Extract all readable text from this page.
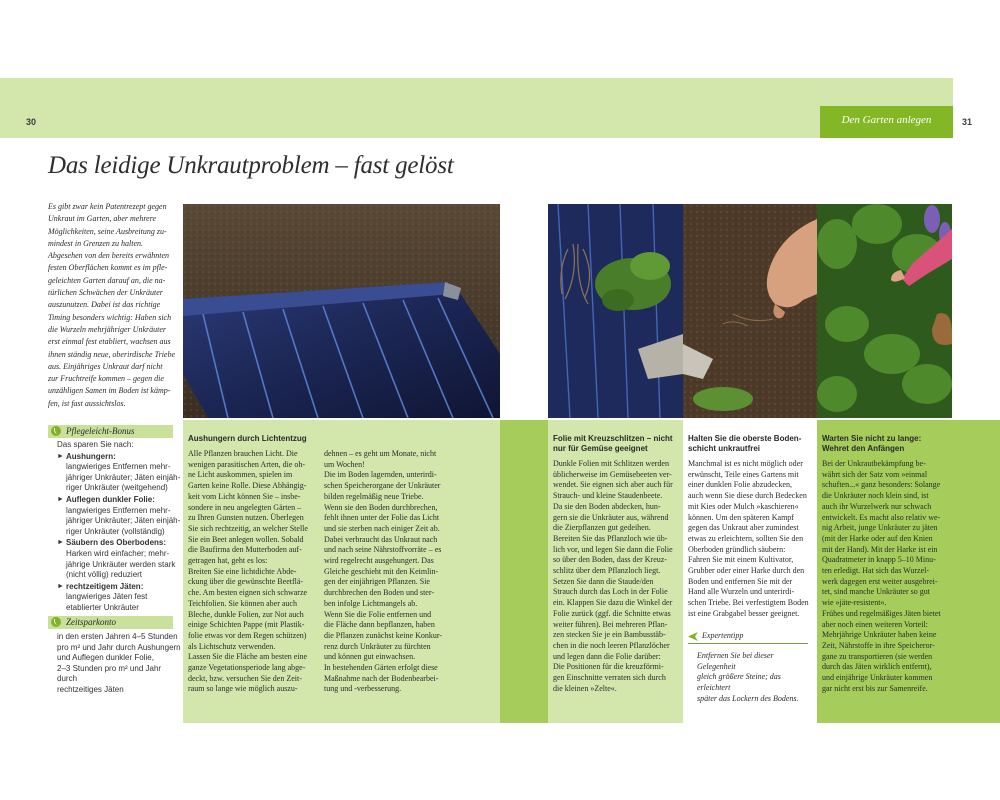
Den Garten anlegen
30	31
Das leidige Unkrautproblem – fast gelöst
Es gibt zwar kein Patentrezept gegen
Unkraut im Garten, aber mehrere
Möglichkeiten, seine Ausbreitung zu-
mindest in Grenzen zu halten.
Abgesehen von den bereits erwähnten
festen Oberflächen kommt es im pfle-
geleichten Garten darauf an, die na-
türlichen Schwächen der Unkräuter
auszunutzen. Dabei ist das richtige
Timing besonders wichtig: Haben sich
die Wurzeln mehrjähriger Unkräuter
erst einmal fest etabliert, wachsen aus
ihnen ständig neue, oberirdische Triebe
aus. Einjähriges Unkraut darf nicht
zur Fruchtreife kommen – gegen die
unzähligen Samen im Boden ist kämp-
fen, ist fast aussichtslos.
Pflegeleicht-Bonus
Das sparen Sie nach:
► Aushungern:
langwieriges Entfernen mehr-
jähriger Unkräuter; Jäten einjäh-
riger Unkräuter (weitgehend)
► Auflegen dunkler Folie:
langwieriges Entfernen mehr-
jähriger Unkräuter; Jäten einjäh-
riger Unkräuter (vollständig)
► Säubern des Oberbodens:
Harken wird einfacher; mehr-
jährige Unkräuter werden stark
(nicht völlig) reduziert
► rechtzeitigem Jäten:
langwieriges Jäten fest
etablierter Unkräuter
Zeitsparkonto
in den ersten Jahren 4–5 Stunden
pro m² und Jahr durch Aushungern
und Auflegen dunkler Folie,
2–3 Stunden pro m² und Jahr durch
rechtzeitiges Jäten
Aushungern durch Lichtentzug
Alle Pflanzen brauchen Licht. Die
wenigen parasitischen Arten, die oh-
ne Licht auskommen, spielen im
Garten keine Rolle. Diese Abhängig-
keit vom Licht können Sie – insbe-
sondere in neu angelegten Gärten –
zu Ihren Gunsten nutzen. Überlegen
Sie sich rechtzeitig, an welcher Stelle
Sie ein Beet anlegen wollen. Sobald
die Baufirma den Mutterboden auf-
getragen hat, geht es los:
Breiten Sie eine lichtdichte Abde-
ckung über die gewünschte Beetflä-
che. Am besten eignen sich schwarze
Teichfolien. Sie können aber auch
Bleche, dunkle Folien, zur Not auch
einige Schichten Pappe (mit Plastik-
folie etwas vor dem Regen schützen)
als Lichtschutz verwenden.
Lassen Sie die Fläche am besten eine
ganze Vegetationsperiode lang abge-
deckt, bzw. versuchen Sie den Zeit-
raum so lange wie möglich auszu-
dehnen – es geht um Monate, nicht
um Wochen!
Die im Boden lagernden, unterirdi-
schen Speicherorgane der Unkräuter
bilden regelmäßig neue Triebe.
Wenn sie den Boden durchbrechen,
fehlt ihnen unter der Folie das Licht
und sie sterben nach einiger Zeit ab.
Dabei verbraucht das Unkraut nach
und nach seine Nährstoffvorräte – es
wird regelrecht ausgehungert. Das
Gleiche geschieht mit den Keimlin-
gen der einjährigen Pflanzen. Sie
durchbrechen den Boden und ster-
ben infolge Lichtmangels ab.
Wenn Sie die Folie entfernen und
die Fläche dann bepflanzen, haben
die Pflanzen zunächst keine Konkur-
renz durch Unkräuter zu fürchten
und können gut einwachsen.
In bestehenden Gärten erfolgt diese
Maßnahme nach der Bodenbearbei-
tung und -verbesserung.
Folie mit Kreuzschlitzen – nicht
nur für Gemüse geeignet
Dunkle Folien mit Schlitzen werden
üblicherweise im Gemüsebeeten ver-
wendet. Sie eignen sich aber auch für
Strauch- und kleine Staudenbeete.
Da sie den Boden abdecken, hun-
gern sie die Unkräuter aus, während
die Zierpflanzen gut gedeihen.
Bereiten Sie das Pflanzloch wie üb-
lich vor, und legen Sie dann die Folie
so über den Boden, dass der Kreuz-
schlitz über dem Pflanzloch liegt.
Setzen Sie dann die Staude/den
Strauch durch das Loch in der Folie
ein. Klappen Sie dazu die Winkel der
Folie zurück (ggf. die Schnitte etwas
weiter führen). Bei mehreren Pflan-
zen stecken Sie je ein Bambusstäb-
chen in die noch leeren Pflanzlöcher
und legen dann die Folie darüber:
Die Positionen für die kreuzförmi-
gen Einschnitte verraten sich durch
die kleinen »Zelte«.
Halten Sie die oberste Boden-
schicht unkrautfrei
Manchmal ist es nicht möglich oder
erwünscht, Teile eines Gartens mit
einer dunklen Folie abzudecken,
auch wenn Sie diese durch Bedecken
mit Kies oder Mulch »kaschieren«
können. Um den späteren Kampf
gegen das Unkraut aber zumindest
etwas zu erleichtern, sollten Sie den
Oberboden gründlich säubern:
Fahren Sie mit einem Kultivator,
Grubber oder einer Harke durch den
Boden und entfernen Sie mit der
Hand alle Wurzeln und unterirdi-
schen Triebe. Bei verfestigtem Boden
ist eine Grabgabel besser geeignet.
Expertentipp
Entfernen Sie bei dieser Gelegenheit
gleich größere Steine; das erleichtert
später das Lockern des Bodens.
Warten Sie nicht zu lange:
Wehret den Anfängen
Bei der Unkrautbekämpfung be-
währt sich der Satz vom »einmal
schuften...« ganz besonders: Solange
die Unkräuter noch klein sind, ist
auch ihr Wurzelwerk nur schwach
entwickelt. Es macht also relativ we-
nig Arbeit, junge Unkräuter zu jäten
(mit der Harke oder auf den Knien
mit der Hand). Mit der Harke ist ein
Quadratmeter in knapp 5–10 Minu-
ten erledigt. Hat sich das Wurzel-
werk dagegen erst weiter ausgebrei-
tet, sind manche Unkräuter so gut
wie »jäte-resistent«.
Frühes und regelmäßiges Jäten bietet
aber noch einen weiteren Vorteil:
Mehrjährige Unkräuter haben keine
Zeit, Nährstoffe in ihre Speicheror-
gane zu transportieren (sie werden
durch das Jäten wirklich entfernt),
und einjährige Unkräuter kommen
gar nicht erst bis zur Samenreife.
